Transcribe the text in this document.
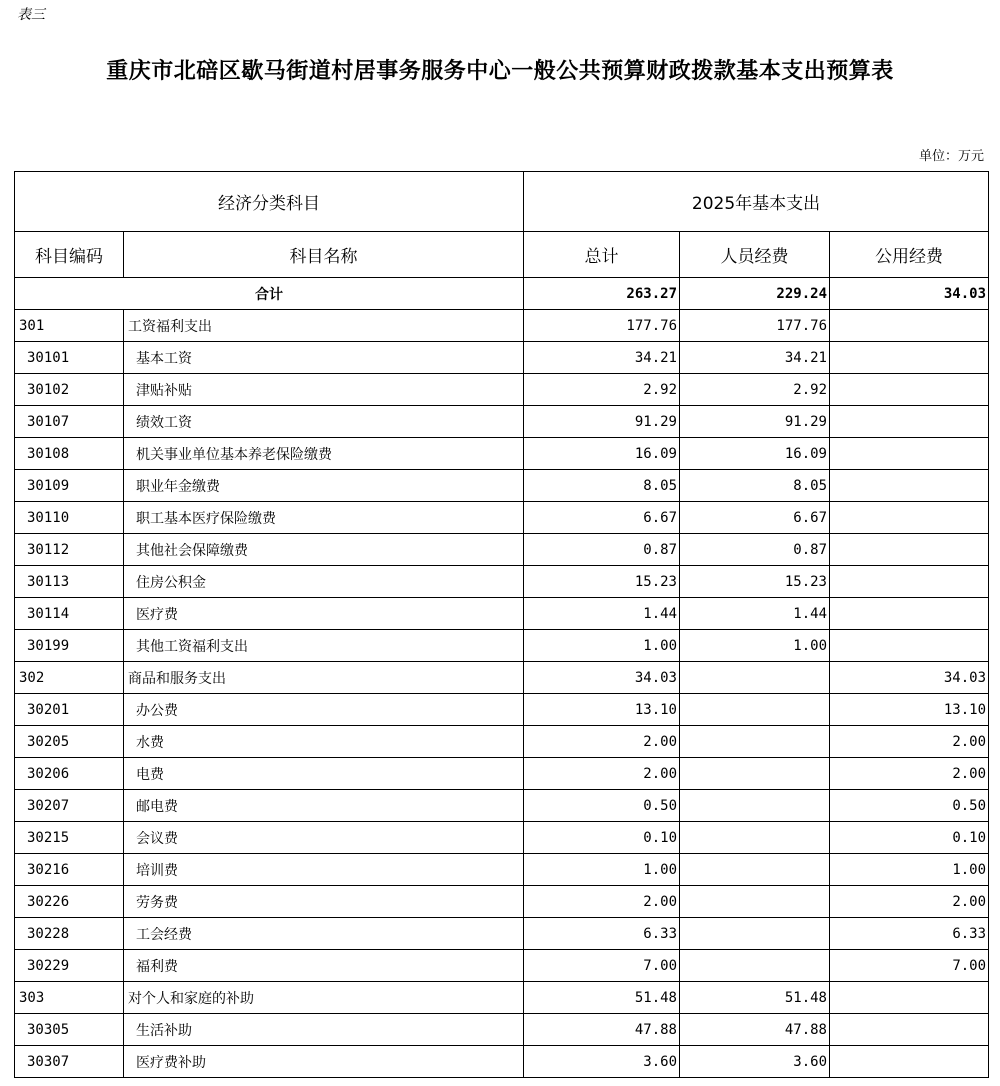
表三
重庆市北碚区歇马街道村居事务服务中心一般公共预算财政拨款基本支出预算表
单位：万元
经济分类科目		2025年基本支出		
科目编码	科目名称	总计	人员经费	公用经费
合计		263.27	229.24	34.03
301	工资福利支出	177.76	177.76	
30101	基本工资	34.21	34.21	
30102	津贴补贴	2.92	2.92	
30107	绩效工资	91.29	91.29	
30108	机关事业单位基本养老保险缴费	16.09	16.09	
30109	职业年金缴费	8.05	8.05	
30110	职工基本医疗保险缴费	6.67	6.67	
30112	其他社会保障缴费	0.87	0.87	
30113	住房公积金	15.23	15.23	
30114	医疗费	1.44	1.44	
30199	其他工资福利支出	1.00	1.00	
302	商品和服务支出	34.03		34.03
30201	办公费	13.10		13.10
30205	水费	2.00		2.00
30206	电费	2.00		2.00
30207	邮电费	0.50		0.50
30215	会议费	0.10		0.10
30216	培训费	1.00		1.00
30226	劳务费	2.00		2.00
30228	工会经费	6.33		6.33
30229	福利费	7.00		7.00
303	对个人和家庭的补助	51.48	51.48	
30305	生活补助	47.88	47.88	
30307	医疗费补助	3.60	3.60	
